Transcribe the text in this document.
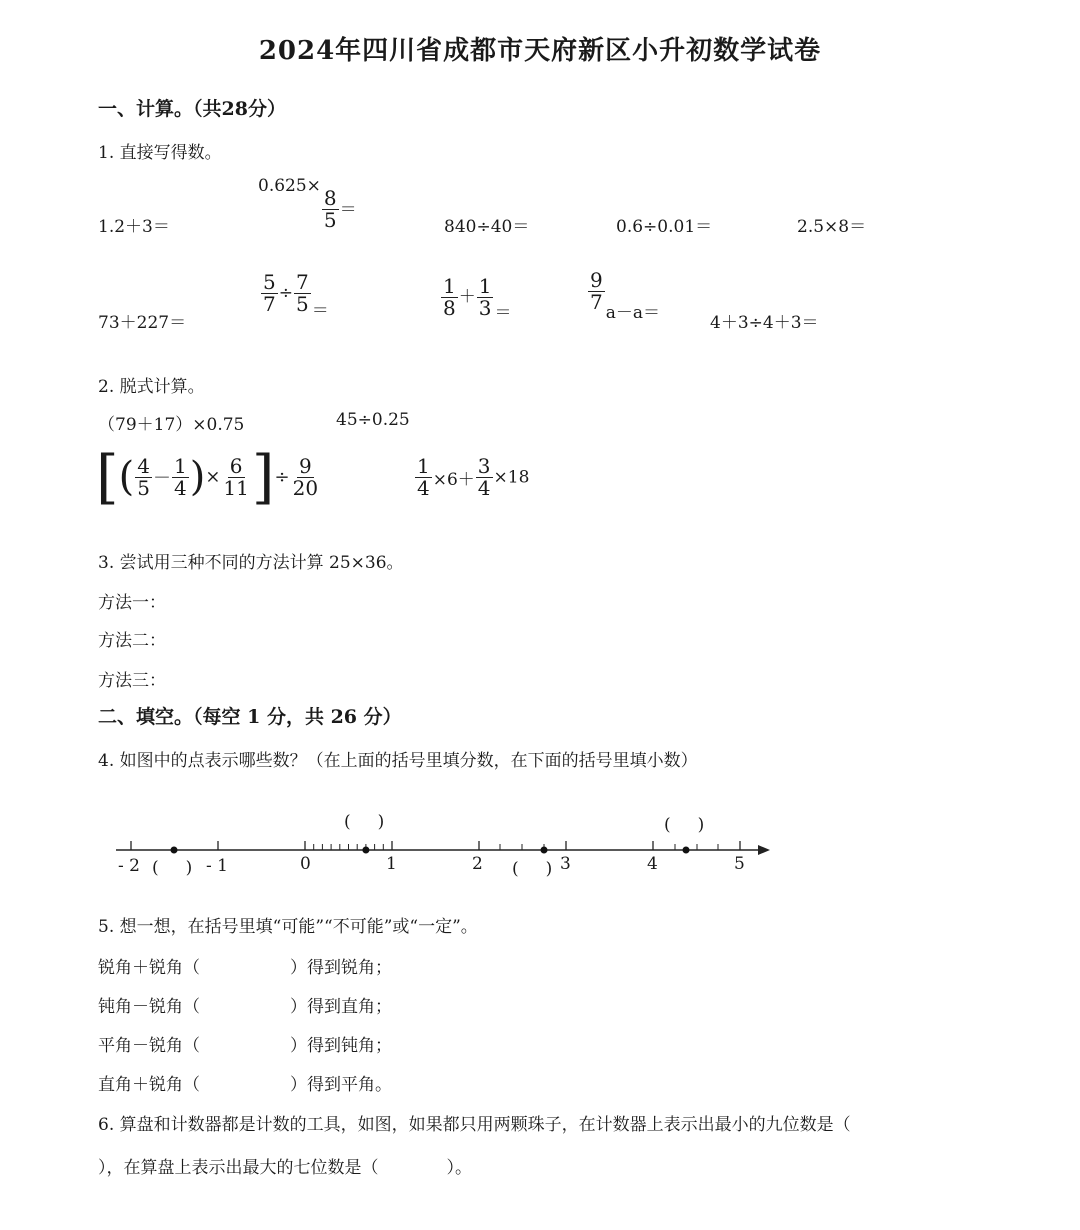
2024年四川省成都市天府新区小升初数学试卷
一、计算。（共28分）
1. 直接写得数。
1.2＋3＝
0.625×
$\frac{8}{5}$ ＝
840÷40＝	0.6÷0.01＝	2.5×8＝
73＋227＝
$\frac{5}{7} \div \frac{7}{5}$ ＝	$\frac{1}{8} + \frac{1}{3}$ ＝	$\frac{9}{7} a-a=$	4＋3÷4＋3＝
2. 脱式计算。
（79＋17）×0.75	45÷0.25
[( $\frac{4}{5} - \frac{1}{4}$ )× $\frac{6}{11}$ ]÷ $\frac{9}{20}$	$\frac{1}{4} \times 6+ \frac{3}{4} \times 18$
3. 尝试用三种不同的方法计算 25×36。
方法一：
方法二：
方法三：
二、填空。（每空 1 分，共 26 分）
4. 如图中的点表示哪些数？（在上面的括号里填分数，在下面的括号里填小数）
- 2	- 1	0	1	2	3	4	5
(     )	(     )
(     )	(     )
5. 想一想，在括号里填“可能”“不可能”或“一定”。
锐角＋锐角（	）得到锐角；
钝角－锐角（	）得到直角；
平角－锐角（	）得到钝角；
直角＋锐角（	）得到平角。
6. 算盘和计数器都是计数的工具，如图，如果都只用两颗珠子，在计数器上表示出最小的九位数是（
），在算盘上表示出最大的七位数是（　　　　）。
